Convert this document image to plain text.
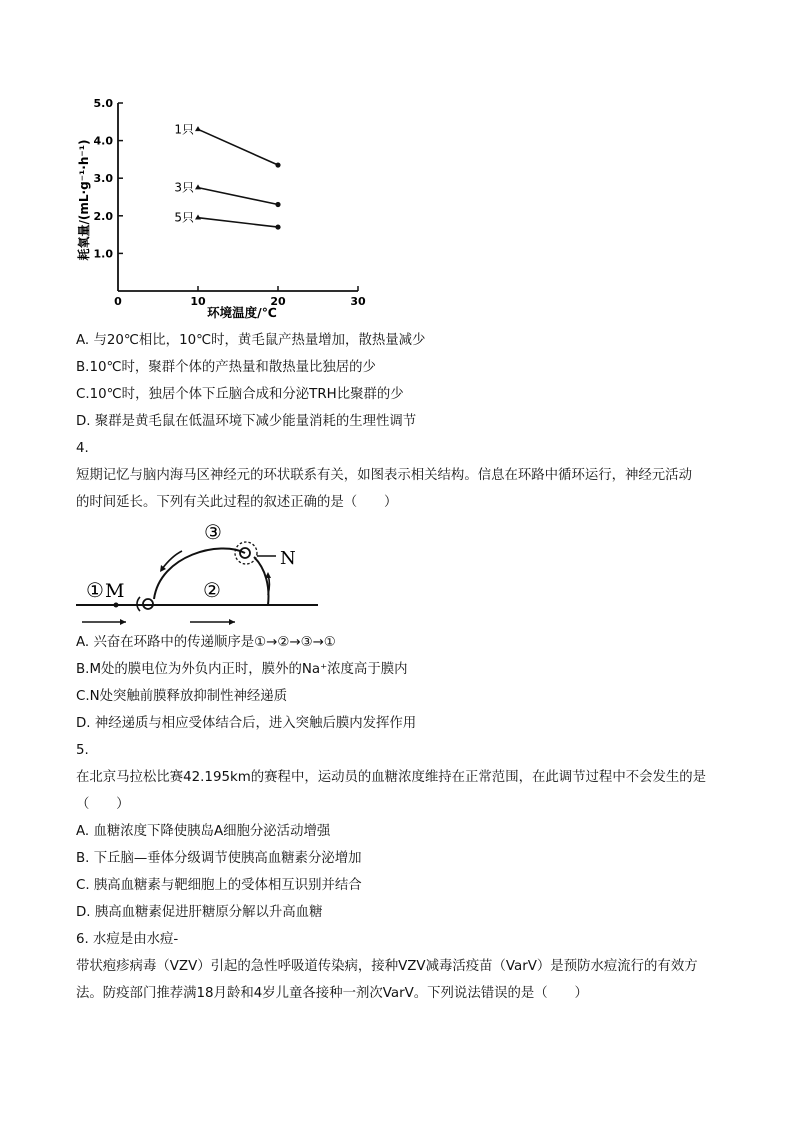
0	10	20	30
1.0
2.0
3.0
4.0
5.0
1只
3只
5只
耗氧量/(mL·g⁻¹·h⁻¹)
环境温度/℃
A. 与20℃相比，10℃时，黄毛鼠产热量增加，散热量减少
B.10℃时，聚群个体的产热量和散热量比独居的少
C.10℃时，独居个体下丘脑合成和分泌TRH比聚群的少
D. 聚群是黄毛鼠在低温环境下减少能量消耗的生理性调节
4.
短期记忆与脑内海马区神经元的环状联系有关，如图表示相关结构。信息在环路中循环运行，神经元活动
的时间延长。下列有关此过程的叙述正确的是（　　）
① M	②
③
N
A. 兴奋在环路中的传递顺序是①→②→③→①
B.M处的膜电位为外负内正时，膜外的Na⁺浓度高于膜内
C.N处突触前膜释放抑制性神经递质
D. 神经递质与相应受体结合后，进入突触后膜内发挥作用
5.
在北京马拉松比赛42.195km的赛程中，运动员的血糖浓度维持在正常范围，在此调节过程中不会发生的是
（　　）
A. 血糖浓度下降使胰岛A细胞分泌活动增强
B. 下丘脑—垂体分级调节使胰高血糖素分泌增加
C. 胰高血糖素与靶细胞上的受体相互识别并结合
D. 胰高血糖素促进肝糖原分解以升高血糖
6. 水痘是由水痘-
带状疱疹病毒（VZV）引起的急性呼吸道传染病，接种VZV减毒活疫苗（VarV）是预防水痘流行的有效方
法。防疫部门推荐满18月龄和4岁儿童各接种一剂次VarV。下列说法错误的是（　　）
